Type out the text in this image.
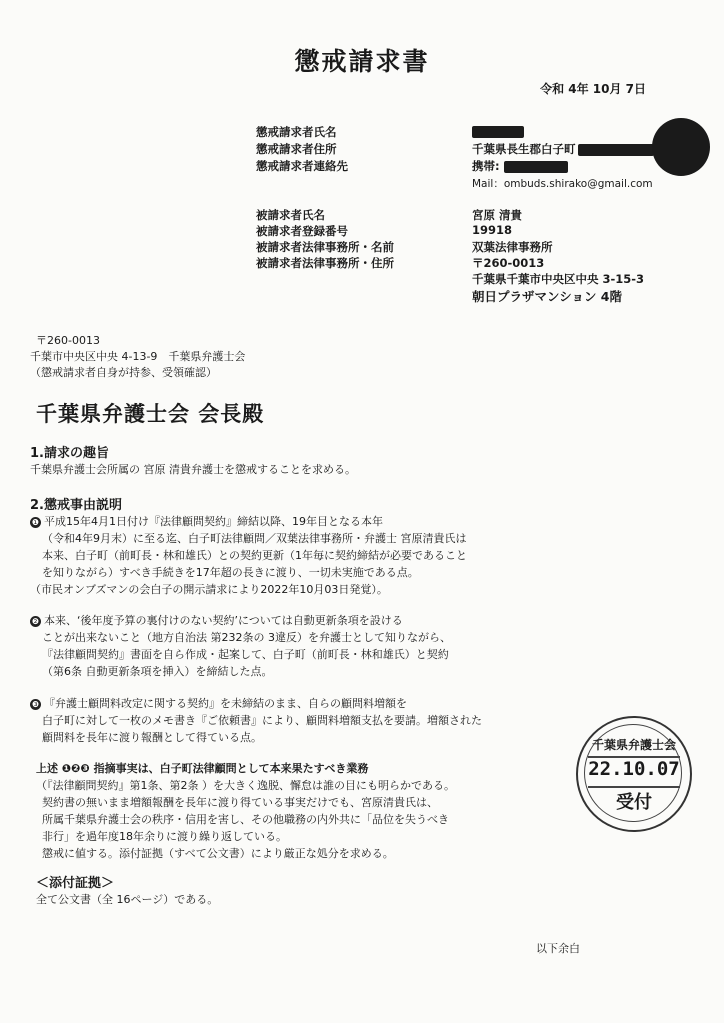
懲戒請求書
令和 4年 10月 7日
懲戒請求者氏名
懲戒請求者住所
懲戒請求者連絡先
千葉県長生郡白子町
携帯:
Mail：ombuds.shirako@gmail.com
被請求者氏名
被請求者登録番号
被請求者法律事務所・名前
被請求者法律事務所・住所
宮原 清貴
19918
双葉法律事務所
〒260-0013
千葉県千葉市中央区中央 3-15-3
朝日プラザマンション 4階
〒260-0013
千葉市中央区中央 4-13-9　千葉県弁護士会
（懲戒請求者自身が持参、受領確認）
千葉県弁護士会 会長殿
1.請求の趣旨
千葉県弁護士会所属の 宮原 清貴弁護士を懲戒することを求める。
2.懲戒事由説明
❶ 平成15年4月1日付け『法律顧問契約』締結以降、19年目となる本年
（令和4年9月末）に至る迄、白子町法律顧問／双葉法律事務所・弁護士 宮原清貴氏は
本来、白子町（前町長・林和雄氏）との契約更新（1年毎に契約締結が必要であること
を知りながら）すべき手続きを17年超の長きに渡り、一切未実施である点。
（市民オンブズマンの会白子の開示請求により2022年10月03日発覚）。
❷ 本来、‘後年度予算の裏付けのない契約’については自動更新条項を設ける
ことが出来ないこと（地方自治法 第232条の 3違反）を弁護士として知りながら、
『法律顧問契約』書面を自ら作成・起案して、白子町（前町長・林和雄氏）と契約
（第6条 自動更新条項を挿入）を締結した点。
❸ 『弁護士顧問料改定に関する契約』を未締結のまま、自らの顧問料増額を
白子町に対して一枚のメモ書き『ご依頼書』により、顧問料増額支払を要請。増額された
顧問料を長年に渡り報酬として得ている点。
上述 ❶❷❸ 指摘事実は、白子町法律顧問として本来果たすべき業務
（『法律顧問契約』第1条、第2条 ）を大きく逸脱、懈怠は誰の目にも明らかである。
契約書の無いまま増額報酬を長年に渡り得ている事実だけでも、宮原清貴氏は、
所属千葉県弁護士会の秩序・信用を害し、その他職務の内外共に「品位を失うべき
非行」を過年度18年余りに渡り繰り返している。
懲戒に値する。添付証拠（すべて公文書）により厳正な処分を求める。
＜添付証拠＞
全て公文書（全 16ページ）である。
以下余白
千葉県弁護士会
22.10.07
受付
